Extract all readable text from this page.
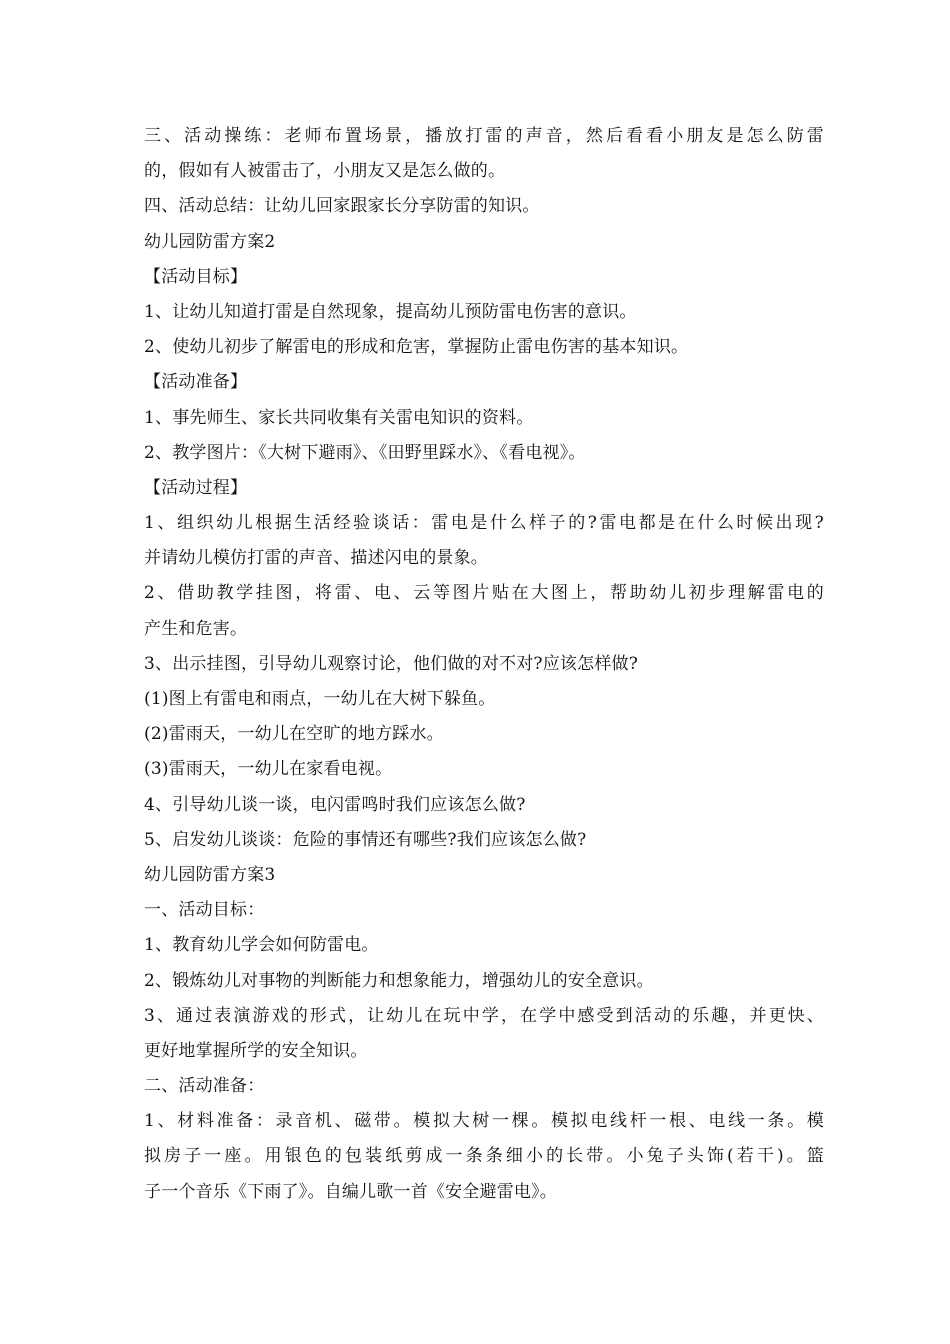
三、活动操练：老师布置场景，播放打雷的声音，然后看看小朋友是怎么防雷
的，假如有人被雷击了，小朋友又是怎么做的。
四、活动总结：让幼儿回家跟家长分享防雷的知识。
幼儿园防雷方案2
【活动目标】
1、让幼儿知道打雷是自然现象，提高幼儿预防雷电伤害的意识。
2、使幼儿初步了解雷电的形成和危害，掌握防止雷电伤害的基本知识。
【活动准备】
1、事先师生、家长共同收集有关雷电知识的资料。
2、教学图片：《大树下避雨》、《田野里踩水》、《看电视》。
【活动过程】
1、组织幼儿根据生活经验谈话：雷电是什么样子的?雷电都是在什么时候出现?
并请幼儿模仿打雷的声音、描述闪电的景象。
2、借助教学挂图，将雷、电、云等图片贴在大图上，帮助幼儿初步理解雷电的
产生和危害。
3、出示挂图，引导幼儿观察讨论，他们做的对不对?应该怎样做?
(1)图上有雷电和雨点，一幼儿在大树下躲鱼。
(2)雷雨天，一幼儿在空旷的地方踩水。
(3)雷雨天，一幼儿在家看电视。
4、引导幼儿谈一谈，电闪雷鸣时我们应该怎么做?
5、启发幼儿谈谈：危险的事情还有哪些?我们应该怎么做?
幼儿园防雷方案3
一、活动目标：
1、教育幼儿学会如何防雷电。
2、锻炼幼儿对事物的判断能力和想象能力，增强幼儿的安全意识。
3、通过表演游戏的形式，让幼儿在玩中学，在学中感受到活动的乐趣，并更快、
更好地掌握所学的安全知识。
二、活动准备：
1、材料准备：录音机、磁带。模拟大树一棵。模拟电线杆一根、电线一条。模
拟房子一座。用银色的包装纸剪成一条条细小的长带。小兔子头饰(若干)。篮
子一个音乐《下雨了》。自编儿歌一首《安全避雷电》。
